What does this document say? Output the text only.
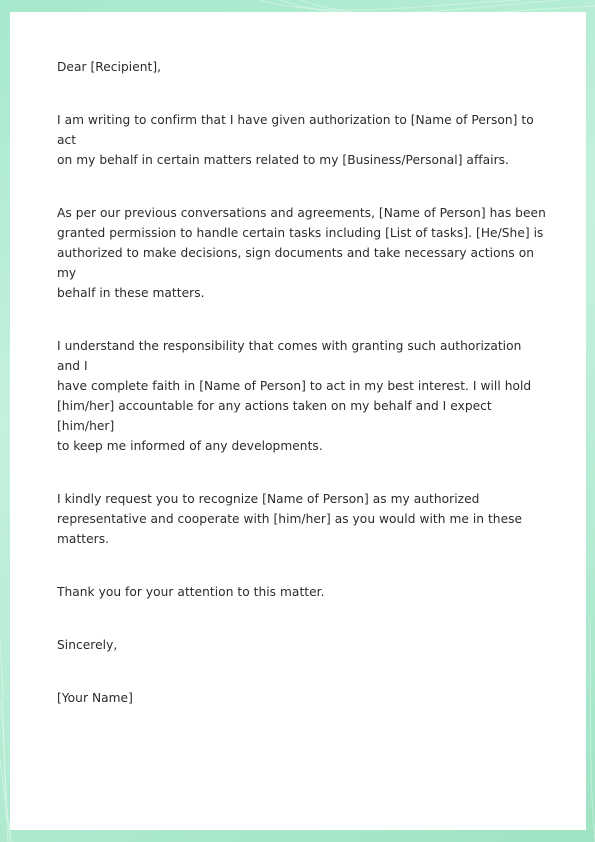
Dear [Recipient],

I am writing to confirm that I have given authorization to [Name of Person] to act
on my behalf in certain matters related to my [Business/Personal] affairs.

As per our previous conversations and agreements, [Name of Person] has been
granted permission to handle certain tasks including [List of tasks]. [He/She] is
authorized to make decisions, sign documents and take necessary actions on my
behalf in these matters.

I understand the responsibility that comes with granting such authorization and I
have complete faith in [Name of Person] to act in my best interest. I will hold
[him/her] accountable for any actions taken on my behalf and I expect [him/her]
to keep me informed of any developments.

I kindly request you to recognize [Name of Person] as my authorized
representative and cooperate with [him/her] as you would with me in these
matters.

Thank you for your attention to this matter.

Sincerely,

[Your Name]
